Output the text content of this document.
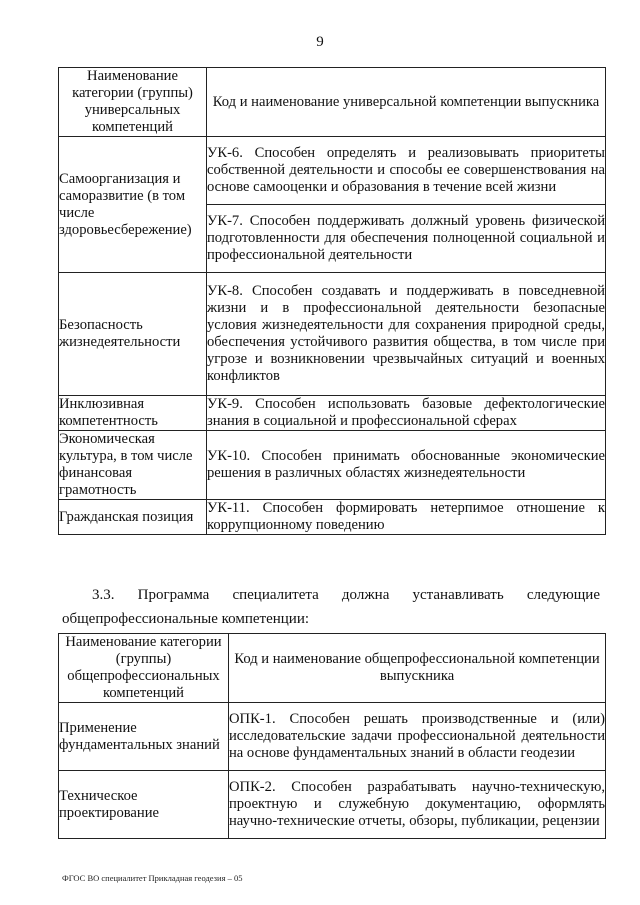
9
Наименование категории (группы) универсальных компетенций	Код и наименование универсальной компетенции выпускника
Самоорганизация и саморазвитие (в том числе здоровьесбережение)	УК-6. Способен определять и реализовывать приоритеты собственной деятельности и способы ее совершенствования на основе самооценки и образования в течение всей жизни
	УК-7. Способен поддерживать должный уровень физической подготовленности для обеспечения полноценной социальной и профессиональной деятельности
Безопасность жизнедеятельности	УК-8. Способен создавать и поддерживать в повседневной жизни и в профессиональной деятельности безопасные условия жизнедеятельности для сохранения природной среды, обеспечения устойчивого развития общества, в том числе при угрозе и возникновении чрезвычайных ситуаций и военных конфликтов
Инклюзивная компетентность	УК-9. Способен использовать базовые дефектологические знания в социальной и профессиональной сферах
Экономическая культура, в том числе финансовая грамотность	УК-10. Способен принимать обоснованные экономические решения в различных областях жизнедеятельности
Гражданская позиция	УК-11. Способен формировать нетерпимое отношение к коррупционному поведению
3.3. Программа специалитета должна устанавливать следующие
общепрофессиональные компетенции:
Наименование категории (группы) общепрофессиональных компетенций	Код и наименование общепрофессиональной компетенции выпускника
Применение фундаментальных знаний	ОПК-1. Способен решать производственные и (или) исследовательские задачи профессиональной деятельности на основе фундаментальных знаний в области геодезии
Техническое проектирование	ОПК-2. Способен разрабатывать научно-техническую, проектную и служебную документацию, оформлять научно-технические отчеты, обзоры, публикации, рецензии
ФГОС ВО специалитет Прикладная геодезия – 05
